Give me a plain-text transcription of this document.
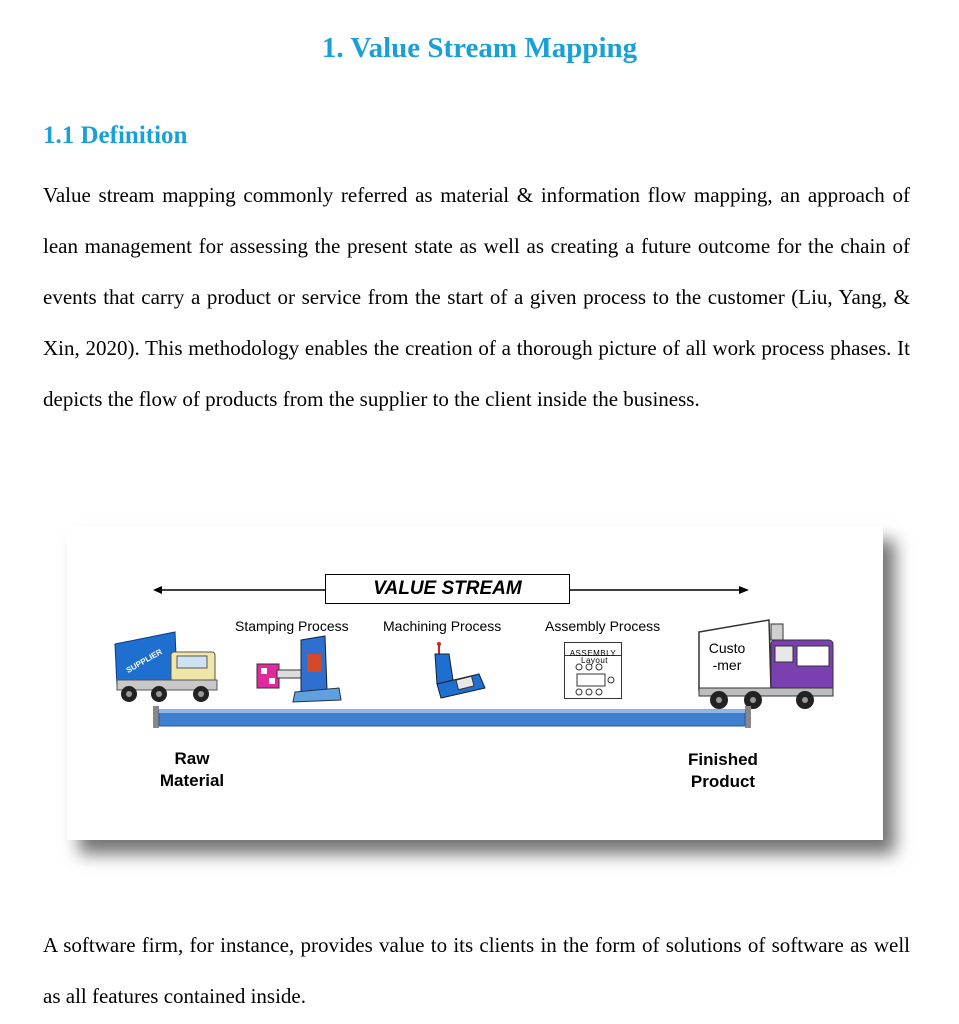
1. Value Stream Mapping
1.1 Definition

Value stream mapping commonly referred as material & information flow mapping, an approach of lean management for assessing the present state as well as creating a future outcome for the chain of events that carry a product or service from the start of a given process to the customer (Liu, Yang, & Xin, 2020). This methodology enables the creation of a thorough picture of all work process phases. It depicts the flow of products from the supplier to the client inside the business.

VALUE STREAM
Stamping Process Machining Process	Assembly Process
SUPPLIER	ASSEMBLY
Layout
Custo
-mer
Raw
Material
Finished
Product

A software firm, for instance, provides value to its clients in the form of solutions of software as well as all features contained inside.
